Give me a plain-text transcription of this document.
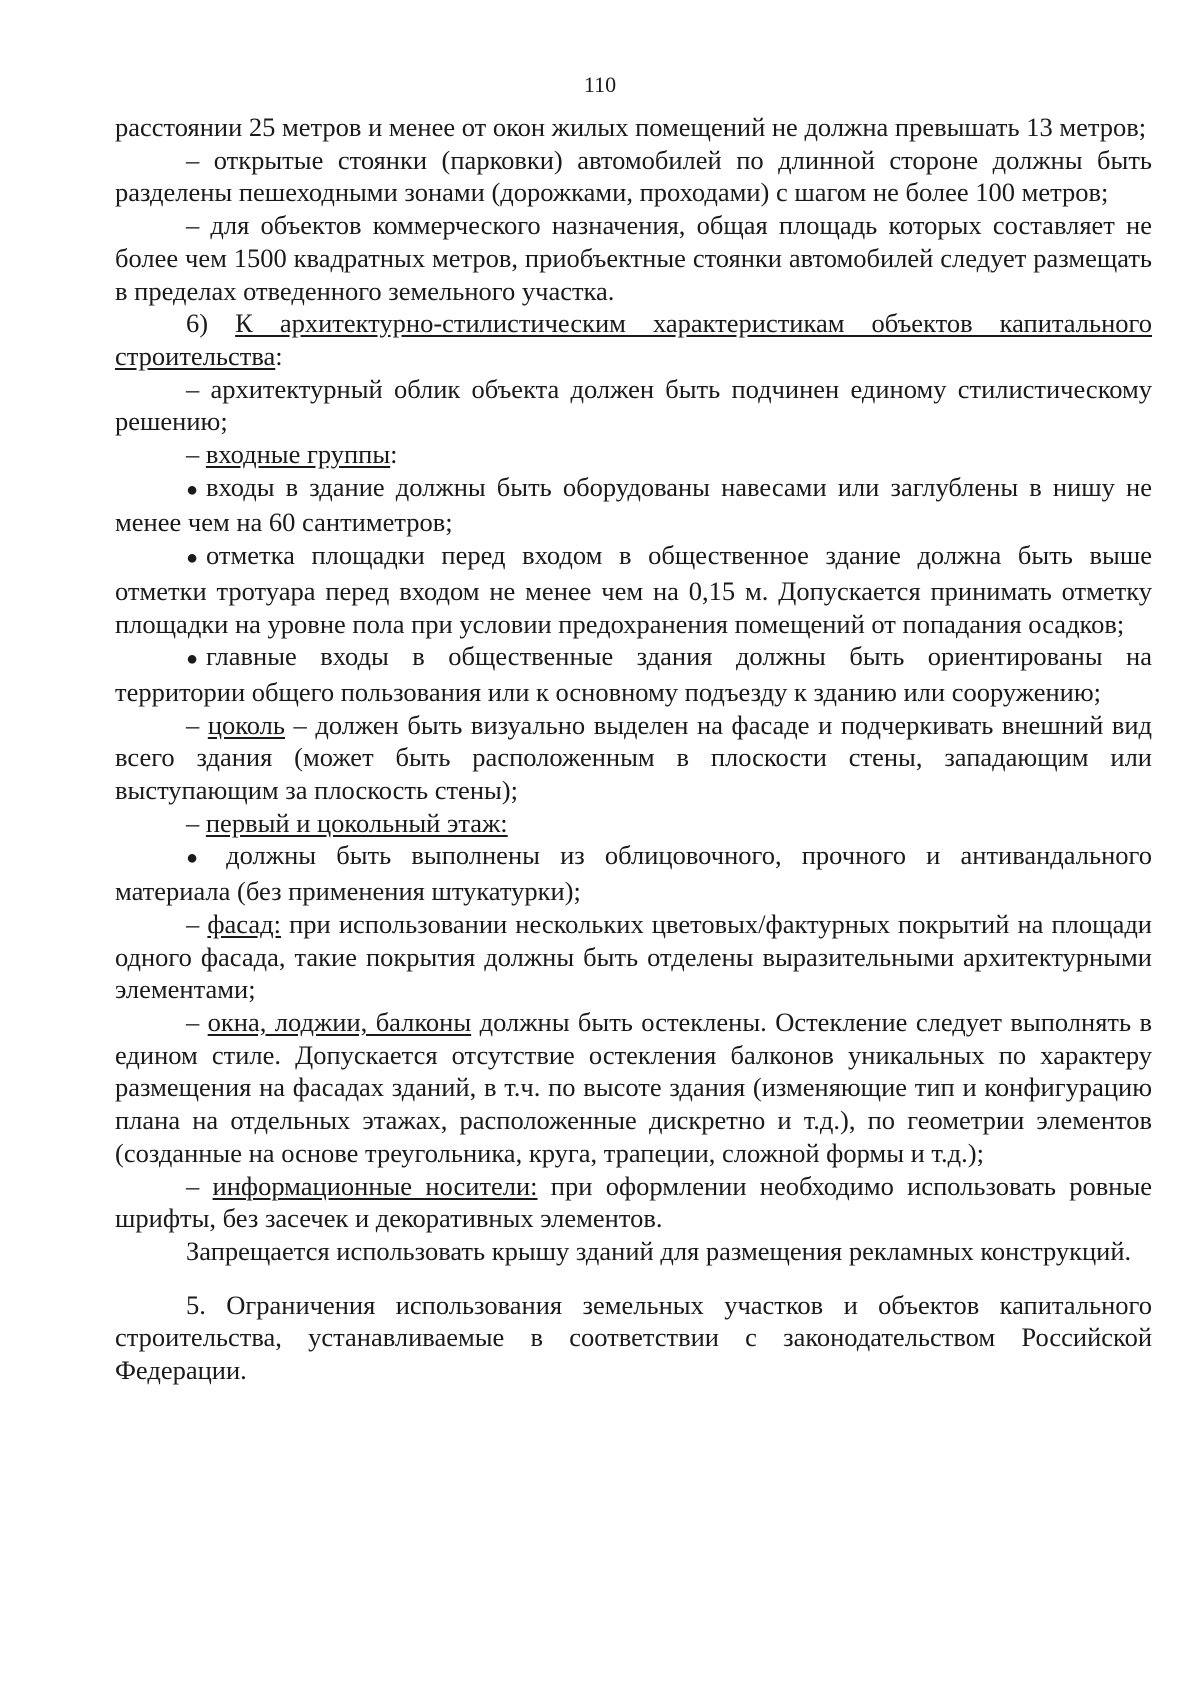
110

расстоянии 25 метров и менее от окон жилых помещений не должна превышать 13 метров;

– открытые стоянки (парковки) автомобилей по длинной стороне должны быть разделены пешеходными зонами (дорожками, проходами) с шагом не более 100 метров;

– для объектов коммерческого назначения, общая площадь которых составляет не более чем 1500 квадратных метров, приобъектные стоянки автомобилей следует размещать в пределах отведенного земельного участка.

6) К архитектурно-стилистическим характеристикам объектов капитального строительства:

– архитектурный облик объекта должен быть подчинен единому стилистическому решению;

– входные группы:

● входы в здание должны быть оборудованы навесами или заглублены в нишу не менее чем на 60 сантиметров;

● отметка площадки перед входом в общественное здание должна быть выше отметки тротуара перед входом не менее чем на 0,15 м. Допускается принимать отметку площадки на уровне пола при условии предохранения помещений от попадания осадков;

● главные входы в общественные здания должны быть ориентированы на территории общего пользования или к основному подъезду к зданию или сооружению;

– цоколь – должен быть визуально выделен на фасаде и подчеркивать внешний вид всего здания (может быть расположенным в плоскости стены, западающим или выступающим за плоскость стены);

– первый и цокольный этаж:

● должны быть выполнены из облицовочного, прочного и антивандального материала (без применения штукатурки);

– фасад: при использовании нескольких цветовых/фактурных покрытий на площади одного фасада, такие покрытия должны быть отделены выразительными архитектурными элементами;

– окна, лоджии, балконы должны быть остеклены. Остекление следует выполнять в едином стиле. Допускается отсутствие остекления балконов уникальных по характеру размещения на фасадах зданий, в т.ч. по высоте здания (изменяющие тип и конфигурацию плана на отдельных этажах, расположенные дискретно и т.д.), по геометрии элементов (созданные на основе треугольника, круга, трапеции, сложной формы и т.д.);

– информационные носители: при оформлении необходимо использовать ровные шрифты, без засечек и декоративных элементов.

Запрещается использовать крышу зданий для размещения рекламных конструкций.

5. Ограничения использования земельных участков и объектов капитального строительства, устанавливаемые в соответствии с законодательством Российской Федерации.
